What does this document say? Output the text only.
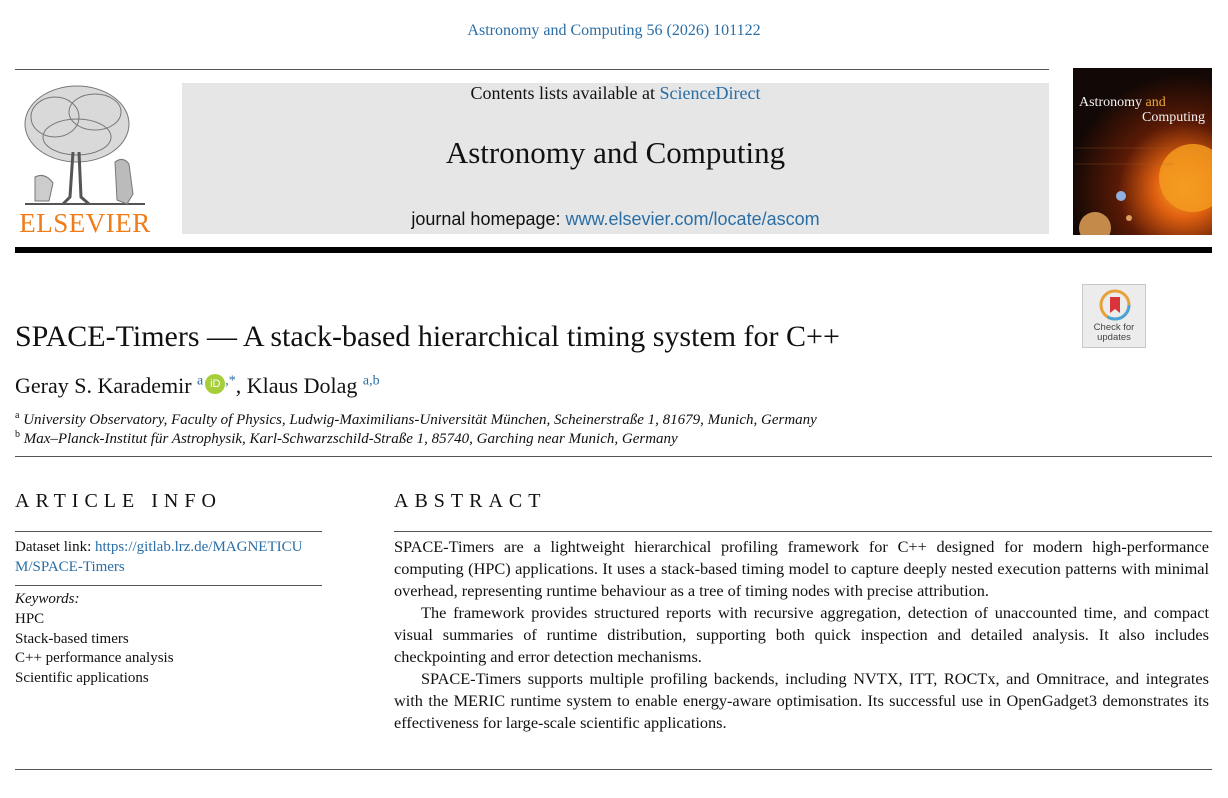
Astronomy and Computing 56 (2026) 101122
ELSEVIER
Contents lists available at ScienceDirect
Astronomy and Computing
journal homepage: www.elsevier.com/locate/ascom
Astronomy and
Computing
Check for updates
SPACE-Timers — A stack-based hierarchical timing system for C++
Geray S. Karademir $^a$ iD ,*, Klaus Dolag $^{a,b}$
$^a$ University Observatory, Faculty of Physics, Ludwig-Maximilians-Universität München, Scheinerstraße 1, 81679, Munich, Germany
$^b$ Max–Planck-Institut für Astrophysik, Karl-Schwarzschild-Straße 1, 85740, Garching near Munich, Germany
ARTICLE INFO	ABSTRACT
Dataset link: https://gitlab.lrz.de/MAGNETICU
M/SPACE-Timers
Keywords:
HPC
Stack-based timers
C++ performance analysis
Scientific applications

SPACE-Timers are a lightweight hierarchical profiling framework for C++ designed for modern high-performance computing (HPC) applications. It uses a stack-based timing model to capture deeply nested execution patterns with minimal overhead, representing runtime behaviour as a tree of timing nodes with precise attribution.

The framework provides structured reports with recursive aggregation, detection of unaccounted time, and compact visual summaries of runtime distribution, supporting both quick inspection and detailed analysis. It also includes checkpointing and error detection mechanisms.

SPACE-Timers supports multiple profiling backends, including NVTX, ITT, ROCTx, and Omnitrace, and integrates with the MERIC runtime system to enable energy-aware optimisation. Its successful use in OpenGadget3 demonstrates its effectiveness for large-scale scientific applications.
